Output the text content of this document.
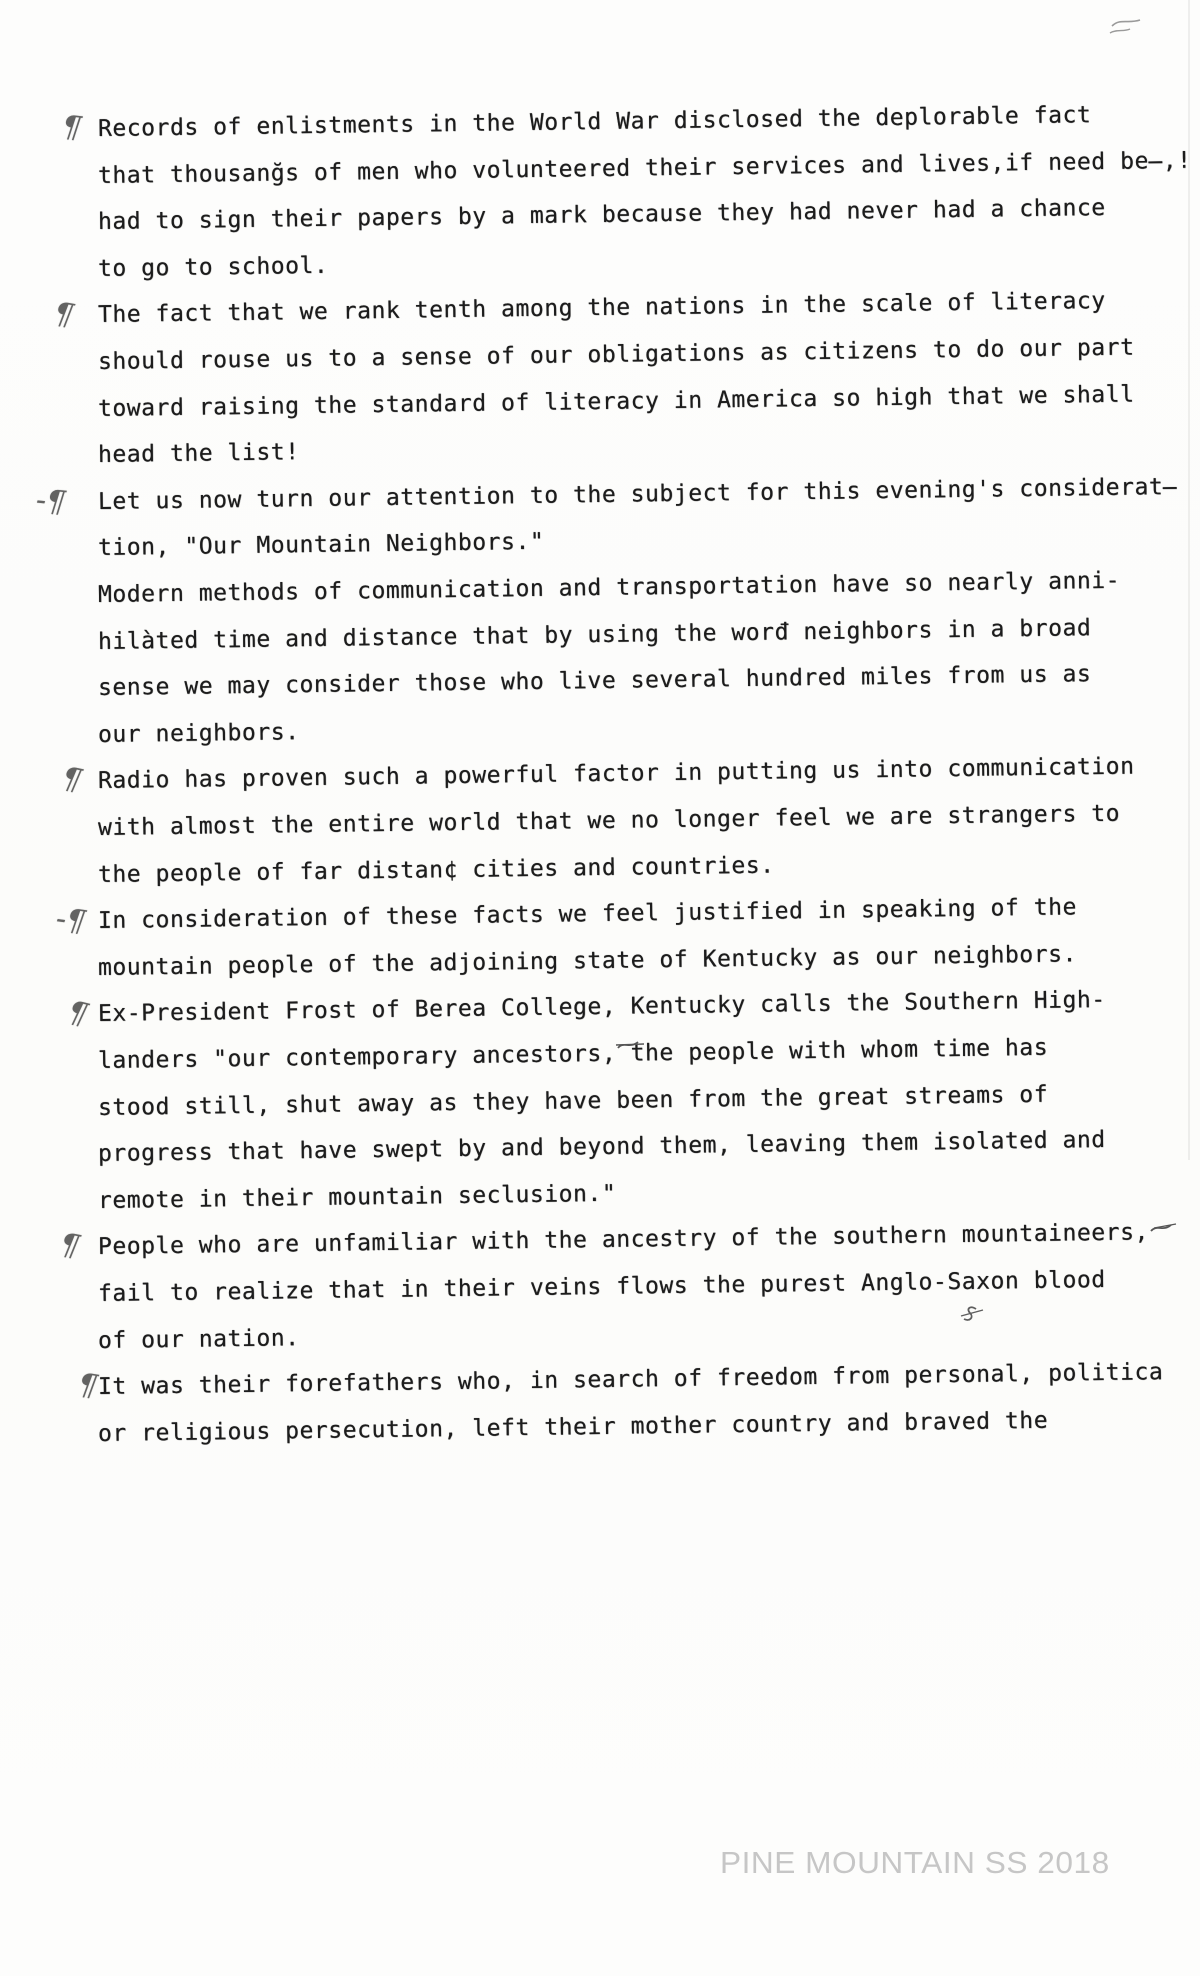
Records of enlistments in the World War disclosed the deplorable fact
that thousanğs of men who volunteered their services and lives,if need be̶,!
had to sign their papers by a mark because they had never had a chance
to go to school.
The fact that we rank tenth among the nations in the scale of literacy
should rouse us to a sense of our obligations as citizens to do our part
toward raising the standard of literacy in America so high that we shall
head the list!
Let us now turn our attention to the subject for this evening's considerat̶
tion, "Our Mountain Neighbors."
Modern methods of communication and transportation have so nearly anni-
hilàted time and distance that by using the worđ neighbors in a broad
sense we may consider those who live several hundred miles from us as
our neighbors.
Radio has proven such a powerful factor in putting us into communication
with almost the entire world that we no longer feel we are strangers to
the people of far distan¢ cities and countries.
In consideration of these facts we feel justified in speaking of the
mountain people of the adjoining state of Kentucky as our neighbors.
Ex-President Frost of Berea College, Kentucky calls the Southern High-
landers "our contemporary ancestors, the people with whom time has
stood still, shut away as they have been from the great streams of
progress that have swept by and beyond them, leaving them isolated and
remote in their mountain seclusion."
People who are unfamiliar with the ancestry of the southern mountaineers,
fail to realize that in their veins flows the purest Anglo-Saxon blood
of our nation.
It was their forefathers who, in search of freedom from personal, politica
or religious persecution, left their mother country and braved the
¶
¶
-¶
¶
-¶
¶
¶
¶
PINE MOUNTAIN SS 2018
